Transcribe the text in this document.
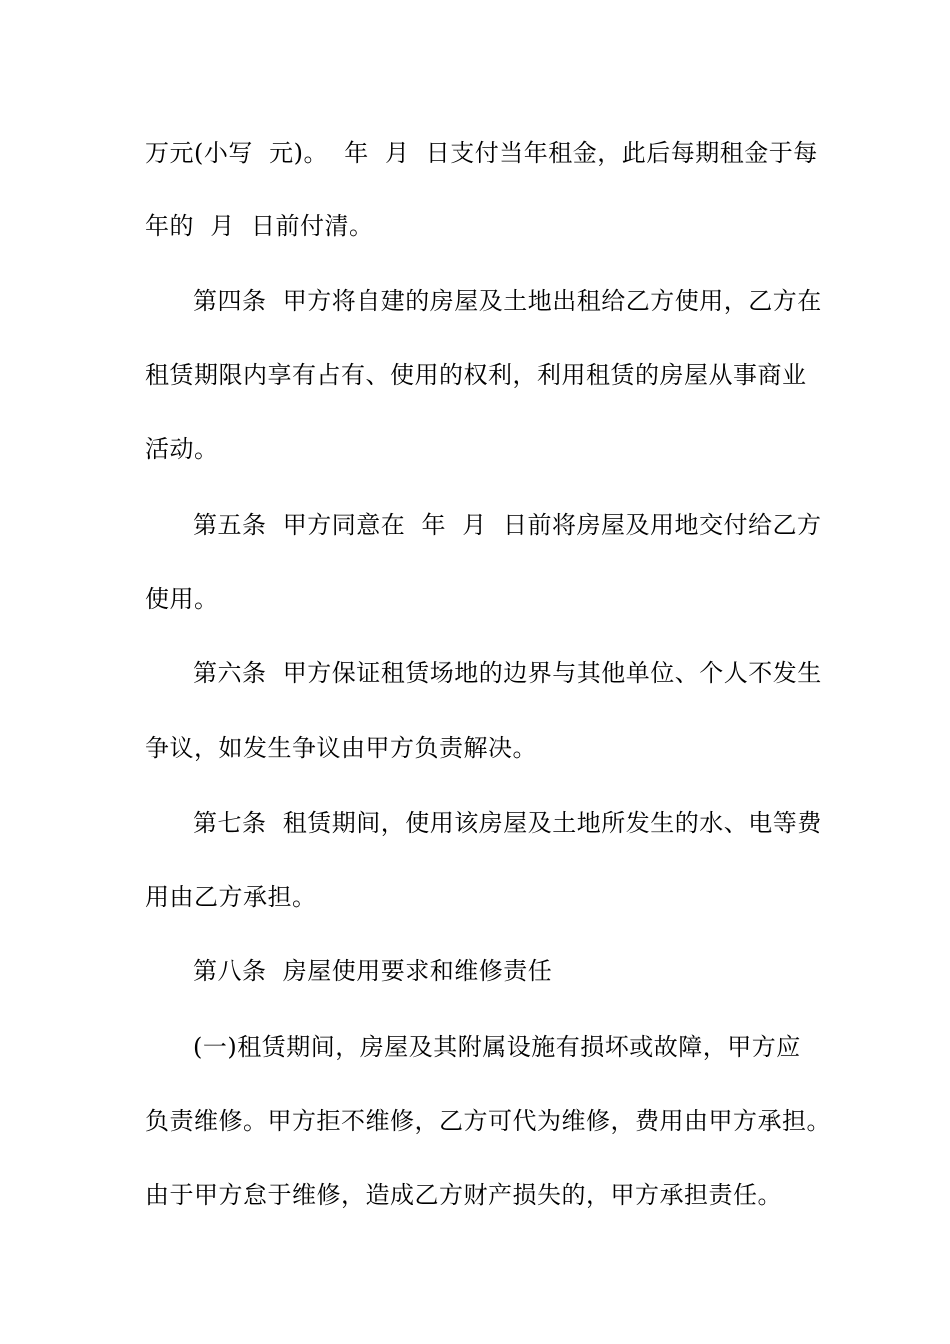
万元(小写  元)。  年  月  日支付当年租金，此后每期租金于每
年的  月  日前付清。
第四条  甲方将自建的房屋及土地出租给乙方使用，乙方在
租赁期限内享有占有、使用的权利，利用租赁的房屋从事商业
活动。
第五条  甲方同意在  年  月  日前将房屋及用地交付给乙方
使用。
第六条  甲方保证租赁场地的边界与其他单位、个人不发生
争议，如发生争议由甲方负责解决。
第七条  租赁期间，使用该房屋及土地所发生的水、电等费
用由乙方承担。
第八条  房屋使用要求和维修责任
(一)租赁期间，房屋及其附属设施有损坏或故障，甲方应
负责维修。甲方拒不维修，乙方可代为维修，费用由甲方承担。
由于甲方怠于维修，造成乙方财产损失的，甲方承担责任。
